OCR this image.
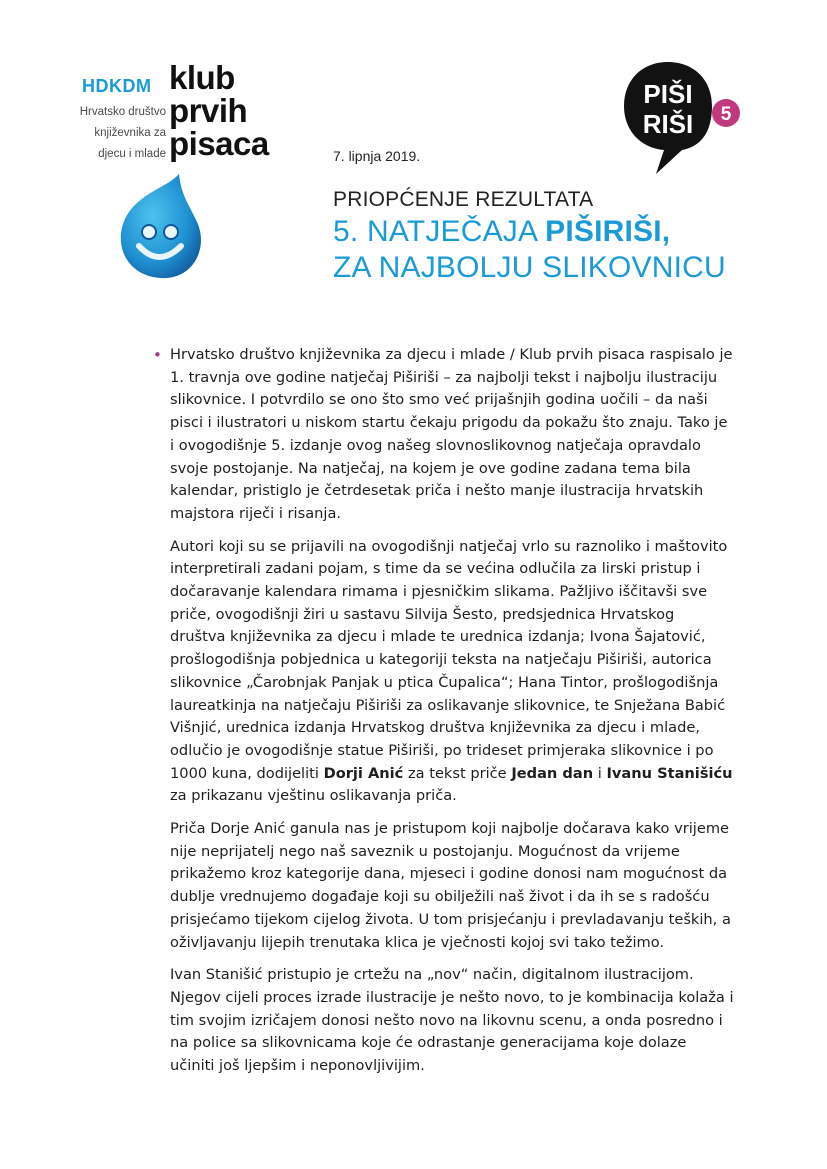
HDKDM
Hrvatsko društvo
književnika za
djecu i mlade
klub
prvih
pisaca
PIŠI
RIŠI 5
7. lipnja 2019.
PRIOPĆENJE REZULTATA
5. NATJEČAJA PIŠIRIŠI,
ZA NAJBOLJU SLIKOVNICU
• Hrvatsko društvo književnika za djecu i mlade / Klub prvih pisaca raspisalo je 1. travnja ove godine natječaj Piširiši – za najbolji tekst i najbolju ilustraciju slikovnice. I potvrdilo se ono što smo već prijašnjih godina uočili – da naši pisci i ilustratori u niskom startu čekaju prigodu da pokažu što znaju. Tako je i ovogodišnje 5. izdanje ovog našeg slovnoslikovnog natječaja opravdalo svoje postojanje. Na natječaj, na kojem je ove godine zadana tema bila kalendar, pristiglo je četrdesetak priča i nešto manje ilustracija hrvatskih majstora riječi i risanja.

Autori koji su se prijavili na ovogodišnji natječaj vrlo su raznoliko i maštovito interpretirali zadani pojam, s time da se većina odlučila za lirski pristup i dočaravanje kalendara rimama i pjesničkim slikama. Pažljivo iščitavši sve priče, ovogodišnji žiri u sastavu Silvija Šesto, predsjednica Hrvatskog društva književnika za djecu i mlade te urednica izdanja; Ivona Šajatović, prošlogodišnja pobjednica u kategoriji teksta na natječaju Piširiši, autorica slikovnice „Čarobnjak Panjak u ptica Čupalica“; Hana Tintor, prošlogodišnja laureatkinja na natječaju Piširiši za oslikavanje slikovnice, te Snježana Babić Višnjić, urednica izdanja Hrvatskog društva književnika za djecu i mlade, odlučio je ovogodišnje statue Piširiši, po trideset primjeraka slikovnice i po 1000 kuna, dodijeliti Dorji Anić za tekst priče Jedan dan i Ivanu Stanišiću za prikazanu vještinu oslikavanja priča.

Priča Dorje Anić ganula nas je pristupom koji najbolje dočarava kako vrijeme nije neprijatelj nego naš saveznik u postojanju. Mogućnost da vrijeme prikažemo kroz kategorije dana, mjeseci i godine donosi nam mogućnost da dublje vrednujemo događaje koji su obilježili naš život i da ih se s radošću prisjećamo tijekom cijelog života. U tom prisjećanju i prevladavanju teških, a oživljavanju lijepih trenutaka klica je vječnosti kojoj svi tako težimo.

Ivan Stanišić pristupio je crtežu na „nov“ način, digitalnom ilustracijom. Njegov cijeli proces izrade ilustracije je nešto novo, to je kombinacija kolaža i tim svojim izričajem donosi nešto novo na likovnu scenu, a onda posredno i na police sa slikovnicama koje će odrastanje generacijama koje dolaze učiniti još ljepšim i neponovljivijim.
